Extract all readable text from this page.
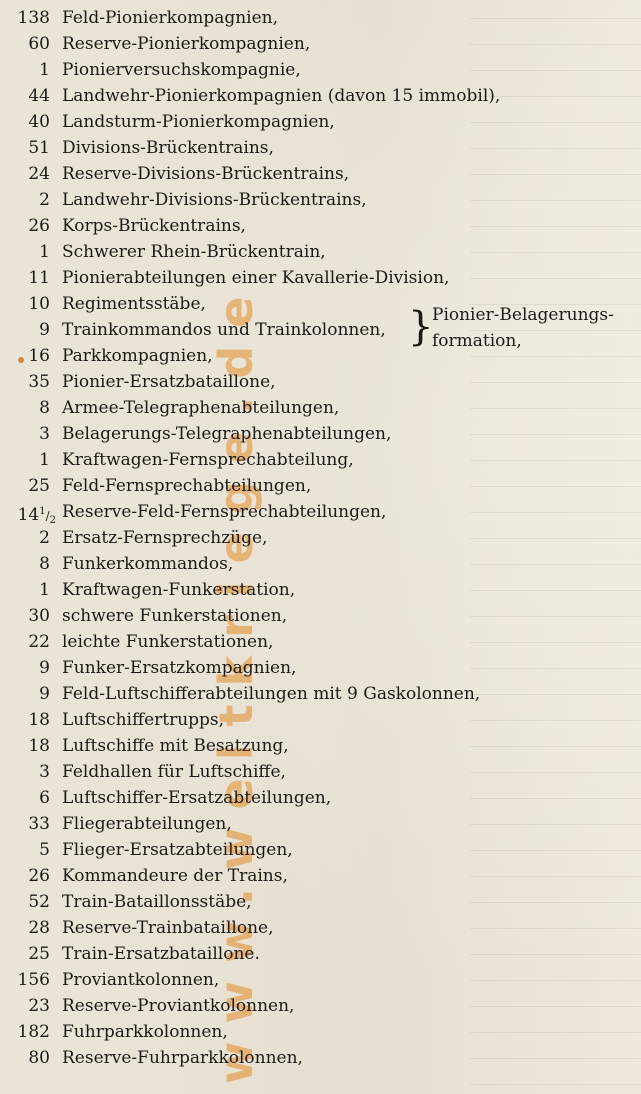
www.weltkriege.de
138 Feld-Pionierkompagnien,
60 Reserve-Pionierkompagnien,
1 Pionierversuchskompagnie,
44 Landwehr-Pionierkompagnien (davon 15 immobil),
40 Landsturm-Pionierkompagnien,
51 Divisions-Brückentrains,
24 Reserve-Divisions-Brückentrains,
2 Landwehr-Divisions-Brückentrains,
26 Korps-Brückentrains,
1 Schwerer Rhein-Brückentrain,
11 Pionierabteilungen einer Kavallerie-Division,
10 Regimentsstäbe,
9 Trainkommandos und Trainkolonnen,
16 Parkkompagnien,
35 Pionier-Ersatzbataillone,
8 Armee-Telegraphenabteilungen,
3 Belagerungs-Telegraphenabteilungen,
1 Kraftwagen-Fernsprechabteilung,
25 Feld-Fernsprechabteilungen,
$14^1/2$ Reserve-Feld-Fernsprechabteilungen,
2 Ersatz-Fernsprechzüge,
8 Funkerkommandos,
1 Kraftwagen-Funkerstation,
30 schwere Funkerstationen,
22 leichte Funkerstationen,
9 Funker-Ersatzkompagnien,
9 Feld-Luftschifferabteilungen mit 9 Gaskolonnen,
18 Luftschiffertrupps,
18 Luftschiffe mit Besatzung,
3 Feldhallen für Luftschiffe,
6 Luftschiffer-Ersatzabteilungen,
33 Fliegerabteilungen,
5 Flieger-Ersatzabteilungen,
26 Kommandeure der Trains,
52 Train-Bataillonsstäbe,
28 Reserve-Trainbataillone,
25 Train-Ersatzbataillone.
156 Proviantkolonnen,
23 Reserve-Proviantkolonnen,
182 Fuhrparkkolonnen,
80 Reserve-Fuhrparkkolonnen,
}
Pionier-Belagerungs-
formation,
